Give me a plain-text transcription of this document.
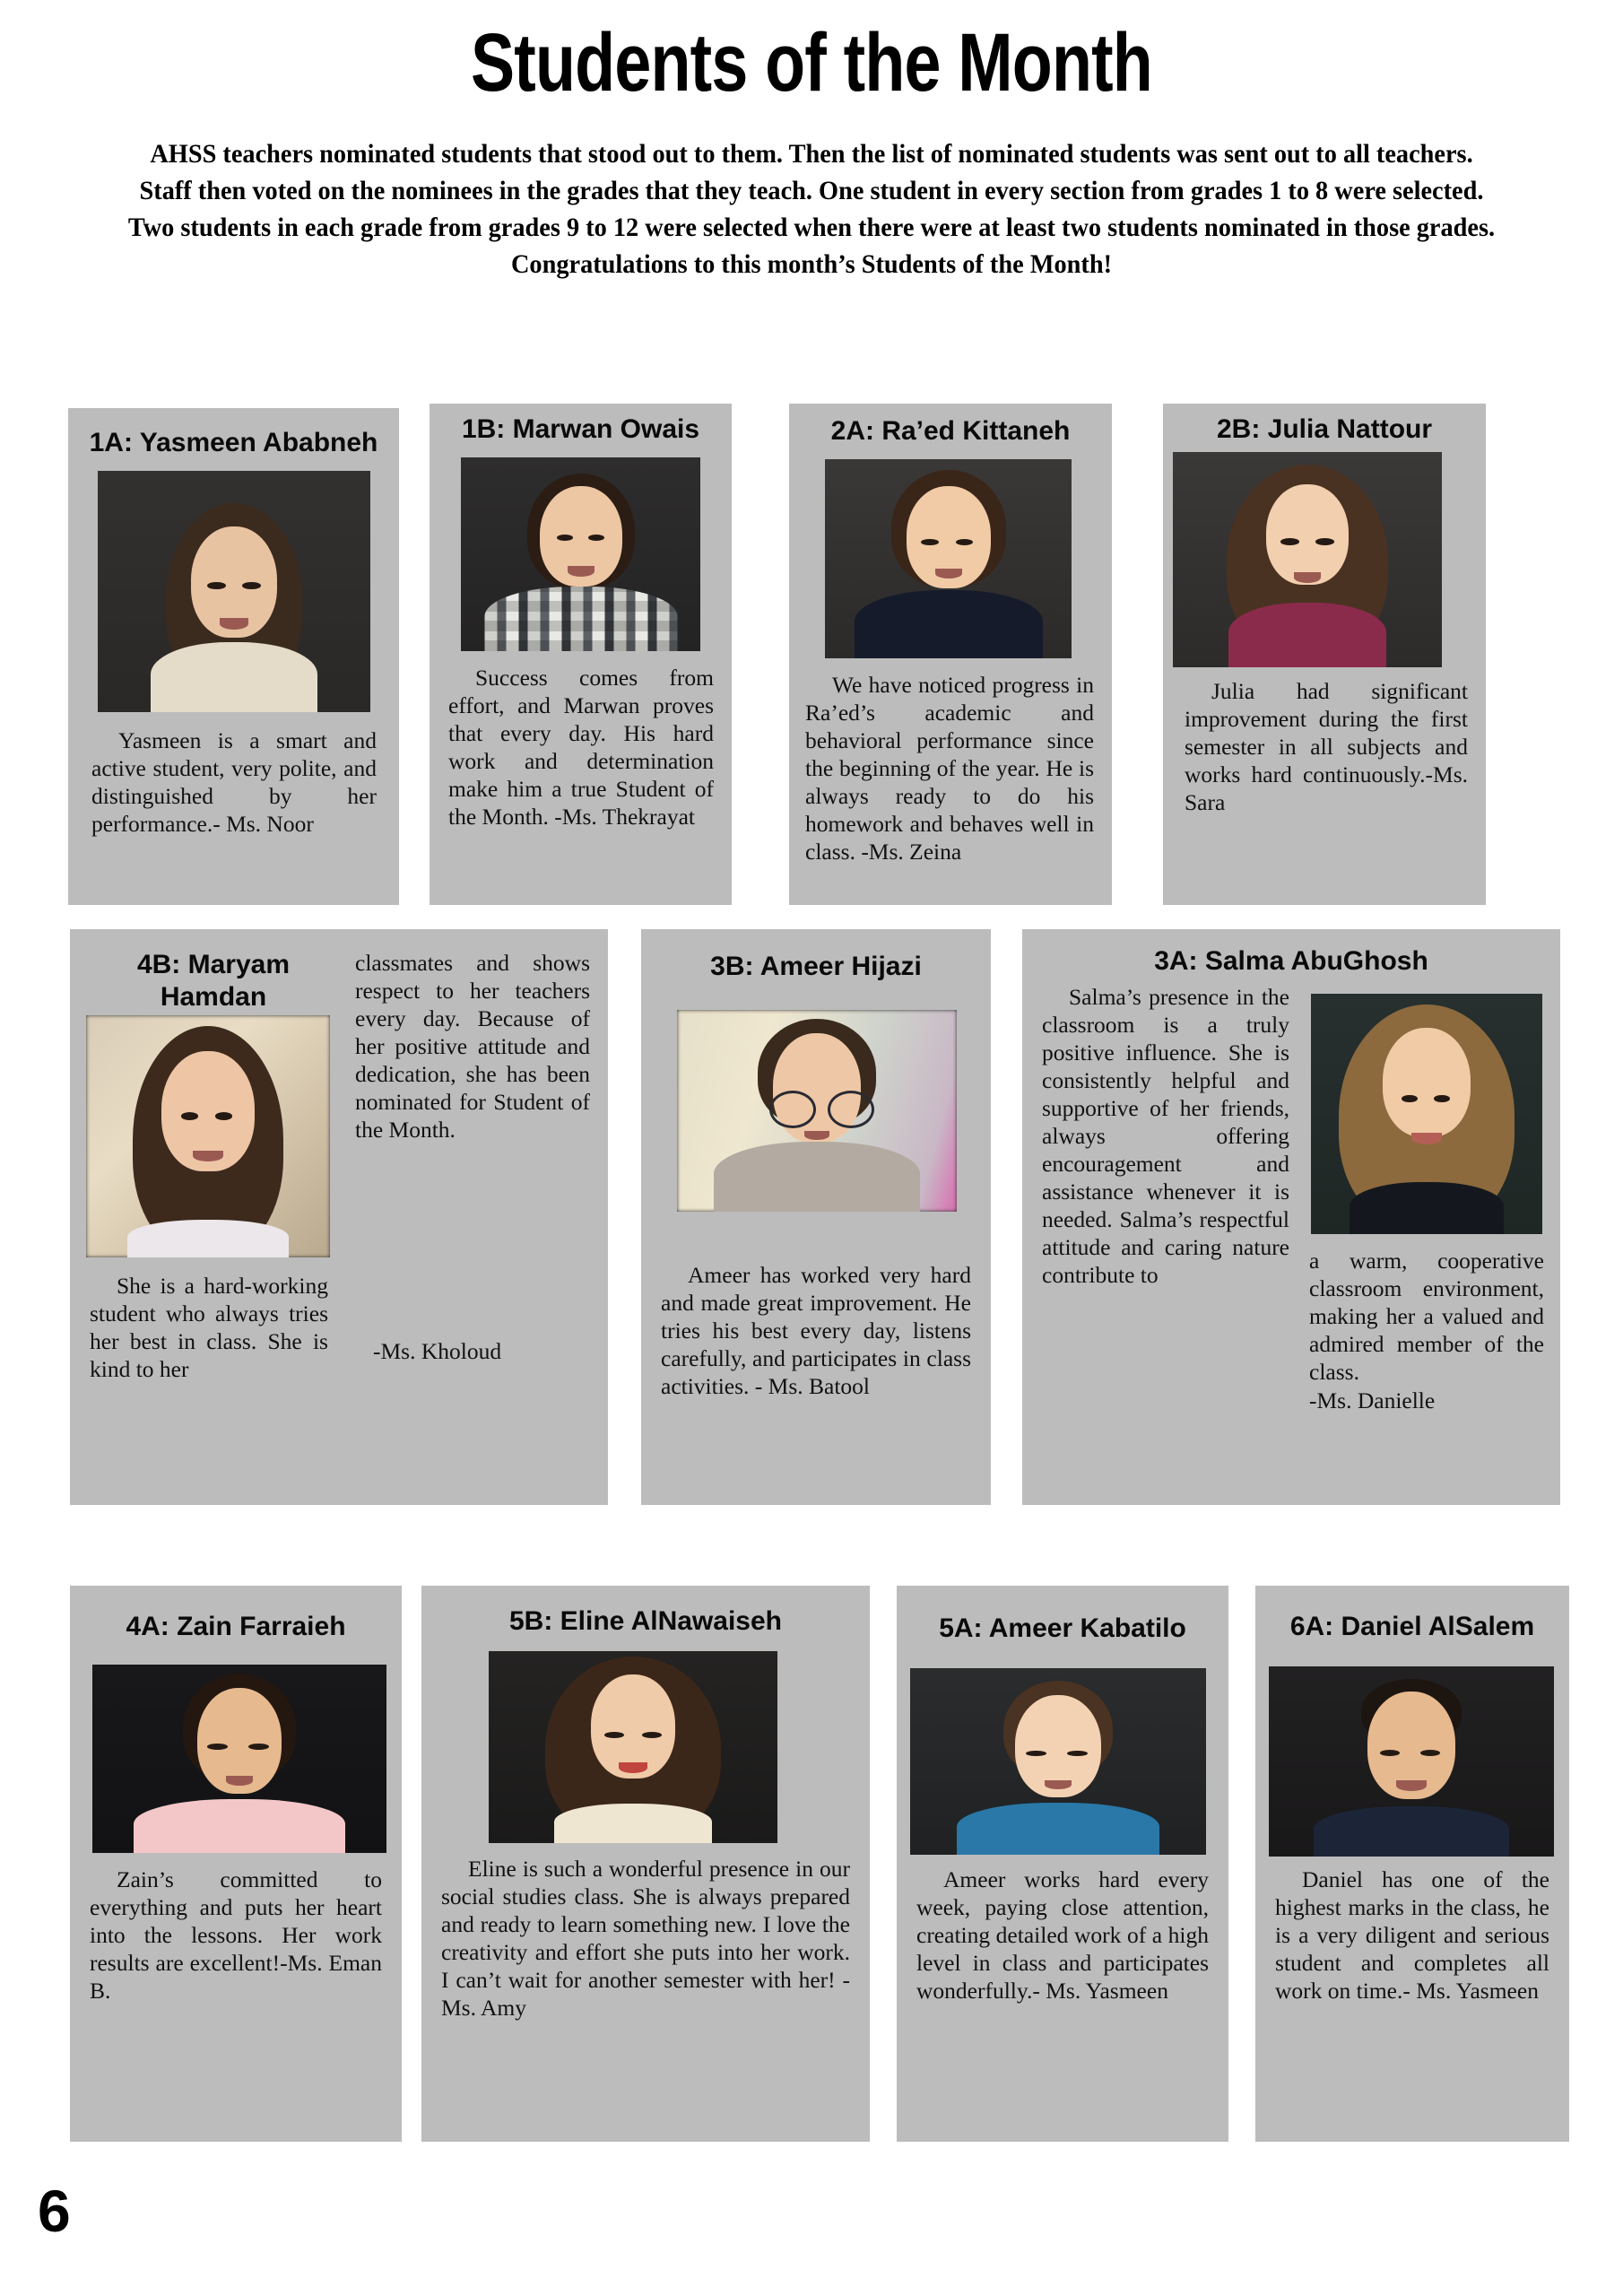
Students of the Month
AHSS teachers nominated students that stood out to them. Then the list of nominated students was sent out to all teachers. Staff then voted on the nominees in the grades that they teach. One student in every section from grades 1 to 8 were selected. Two students in each grade from grades 9 to 12 were selected when there were at least two students nominated in those grades. Congratulations to this month’s Students of the Month!
1A: Yasmeen Ababneh
Yasmeen is a smart and active student, very polite, and distinguished by her performance.- Ms. Noor
1B: Marwan Owais
Success comes from effort, and Marwan proves that every day. His hard work and determination make him a true Student of the Month. -Ms. Thekrayat
2A: Ra’ed Kittaneh
We have noticed progress in Ra’ed’s academic and behavioral performance since the beginning of the year. He is always ready to do his homework and behaves well in class. -Ms. Zeina
2B: Julia Nattour
Julia had significant improvement during the first semester in all subjects and works hard continuously.-Ms. Sara
4B: Maryam
Hamdan
She is a hard-working student who always tries her best in class. She is kind to her
classmates and shows respect to her teachers every day. Because of her positive attitude and dedication, she has been nominated for Student of the Month.
-Ms. Kholoud
3B: Ameer Hijazi
Ameer has worked very hard and made great improvement. He tries his best every day, listens carefully, and participates in class activities. - Ms. Batool
3A: Salma AbuGhosh
Salma’s presence in the classroom is a truly positive influence. She is consistently helpful and supportive of her friends, always offering encouragement and assistance whenever it is needed. Salma’s respectful attitude and caring nature contribute to
a warm, cooperative classroom environment, making her a valued and admired member of the class.
-Ms. Danielle
4A: Zain Farraieh
Zain’s committed to everything and puts her heart into the lessons. Her work results are excellent!-Ms. Eman B.
5B: Eline AlNawaiseh
Eline is such a wonderful presence in our social studies class. She is always prepared and ready to learn something new. I love the creativity and effort she puts into her work. I can’t wait for another semester with her! - Ms. Amy
5A: Ameer Kabatilo
Ameer works hard every week, paying close attention, creating detailed work of a high level in class and participates wonderfully.- Ms. Yasmeen
6A: Daniel AlSalem
Daniel has one of the highest marks in the class, he is a very diligent and serious student and completes all work on time.- Ms. Yasmeen
6
